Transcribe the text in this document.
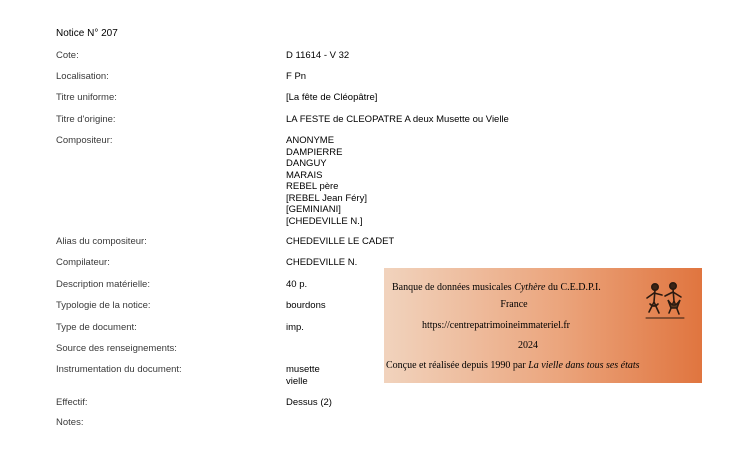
Notice N° 207
Cote:	D 11614 - V 32
Localisation:	F Pn
Titre uniforme:	[La fête de Cléopâtre]
Titre d'origine:	LA FESTE de CLEOPATRE A deux Musette ou Vielle
Compositeur:	ANONYME
DAMPIERRE
DANGUY
MARAIS
REBEL père
[REBEL Jean Féry]
[GEMINIANI]
[CHEDEVILLE N.]
Alias du compositeur:	CHEDEVILLE LE CADET
Compilateur:	CHEDEVILLE N.
Description matérielle:	40 p.
Typologie de la notice:	bourdons
Type de document:	imp.
Source des renseignements:
Instrumentation du document:	musette
vielle
Effectif:	Dessus (2)
Notes:
Banque de données musicales Cythère du C.E.D.P.I.
France
https://centrepatrimoineimmateriel.fr
2024
Conçue et réalisée depuis 1990 par La vielle dans tous ses états
